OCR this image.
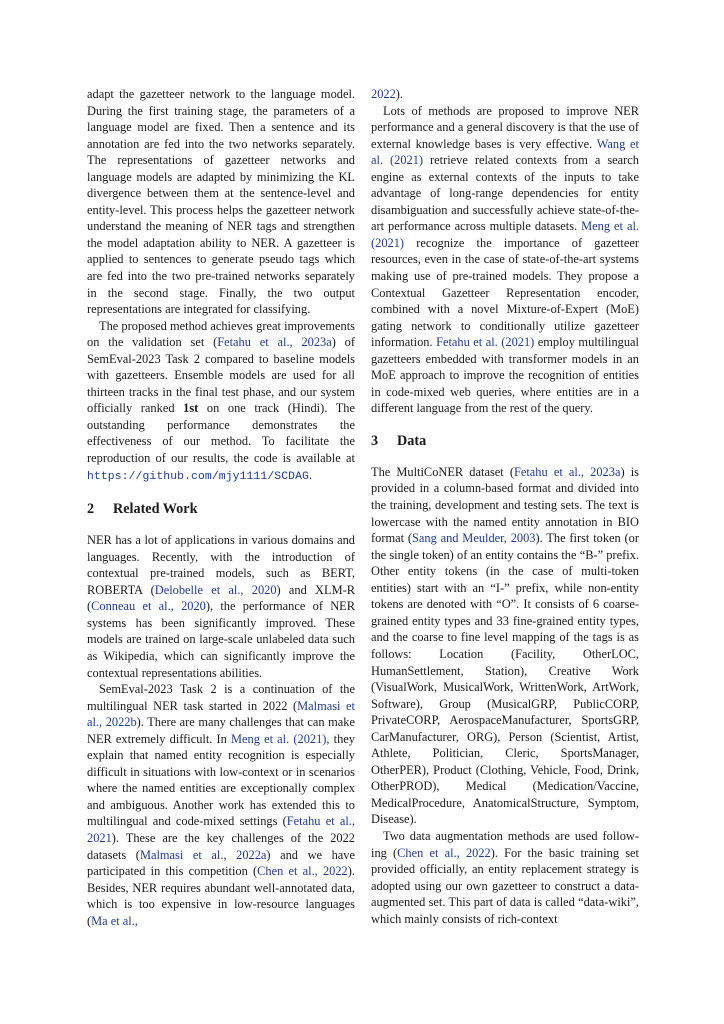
adapt the gazetteer network to the language model. During the first training stage, the parameters of a language model are fixed. Then a sentence and its annotation are fed into the two networks separately. The representations of gazetteer networks and language models are adapted by minimizing the KL divergence between them at the sentence-level and entity-level. This process helps the gazetteer network understand the meaning of NER tags and strengthen the model adaptation ability to NER. A gazetteer is applied to sentences to generate pseudo tags which are fed into the two pre-trained networks separately in the second stage. Finally, the two output representations are integrated for classifying.

The proposed method achieves great improvements on the validation set (Fetahu et al., 2023a) of SemEval-2023 Task 2 compared to baseline models with gazetteers. Ensemble models are used for all thirteen tracks in the final test phase, and our system officially ranked 1st on one track (Hindi). The outstanding performance demonstrates the effectiveness of our method. To facilitate the reproduction of our results, the code is available at https://github.com/mjy1111/SCDAG.

2 Related Work

NER has a lot of applications in various domains and languages. Recently, with the introduction of contextual pre-trained models, such as BERT, ROBERTA (Delobelle et al., 2020) and XLM-R (Conneau et al., 2020), the performance of NER systems has been significantly improved. These models are trained on large-scale unlabeled data such as Wikipedia, which can significantly improve the contextual representations abilities.

SemEval-2023 Task 2 is a continuation of the multilingual NER task started in 2022 (Malmasi et al., 2022b). There are many challenges that can make NER extremely difficult. In Meng et al. (2021), they explain that named entity recognition is especially difficult in situations with low-context or in scenarios where the named entities are exceptionally complex and ambiguous. Another work has extended this to multilingual and code-mixed settings (Fetahu et al., 2021). These are the key challenges of the 2022 datasets (Malmasi et al., 2022a) and we have participated in this competition (Chen et al., 2022). Besides, NER requires abundant well-annotated data, which is too expensive in low-resource languages (Ma et al.,

2022).

Lots of methods are proposed to improve NER performance and a general discovery is that the use of external knowledge bases is very effective. Wang et al. (2021) retrieve related contexts from a search engine as external contexts of the inputs to take advantage of long-range dependencies for entity disambiguation and successfully achieve state-of-the-art performance across multiple datasets. Meng et al. (2021) recognize the importance of gazetteer resources, even in the case of state-of-the-art systems making use of pre-trained models. They propose a Contextual Gazetteer Representation encoder, combined with a novel Mixture-of-Expert (MoE) gating network to conditionally utilize gazetteer information. Fetahu et al. (2021) employ multilingual gazetteers embedded with transformer models in an MoE approach to improve the recognition of entities in code-mixed web queries, where entities are in a different language from the rest of the query.

3 Data

The MultiCoNER dataset (Fetahu et al., 2023a) is provided in a column-based format and divided into the training, development and testing sets. The text is lowercase with the named entity annotation in BIO format (Sang and Meulder, 2003). The first token (or the single token) of an entity contains the “B-” prefix. Other entity tokens (in the case of multi-token entities) start with an “I-” prefix, while non-entity tokens are denoted with “O”. It consists of 6 coarse-grained entity types and 33 fine-grained entity types, and the coarse to fine level mapping of the tags is as follows: Location (Facility, OtherLOC, HumanSettlement, Station), Creative Work (VisualWork, MusicalWork, WrittenWork, ArtWork, Software), Group (MusicalGRP, PublicCORP, PrivateCORP, AerospaceManufacturer, SportsGRP, CarManufacturer, ORG), Person (Scientist, Artist, Athlete, Politician, Cleric, SportsManager, OtherPER), Product (Clothing, Vehicle, Food, Drink, OtherPROD), Medical (Medication/Vaccine, MedicalProcedure, AnatomicalStructure, Symptom, Disease).

Two data augmentation methods are used following (Chen et al., 2022). For the basic training set provided officially, an entity replacement strategy is adopted using our own gazetteer to construct a data-augmented set. This part of data is called “data-wiki”, which mainly consists of rich-context
